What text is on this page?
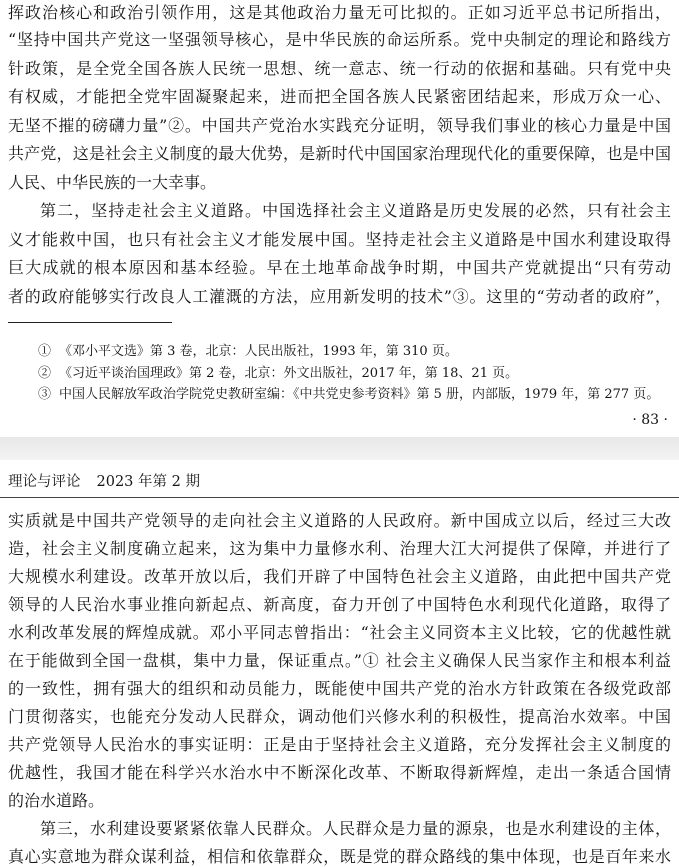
挥政治核心和政治引领作用，这是其他政治力量无可比拟的。正如习近平总书记所指出，
“坚持中国共产党这一坚强领导核心，是中华民族的命运所系。党中央制定的理论和路线方
针政策，是全党全国各族人民统一思想、统一意志、统一行动的依据和基础。只有党中央
有权威，才能把全党牢固凝聚起来，进而把全国各族人民紧密团结起来，形成万众一心、
无坚不摧的磅礴力量”②。中国共产党治水实践充分证明，领导我们事业的核心力量是中国
共产党，这是社会主义制度的最大优势，是新时代中国国家治理现代化的重要保障，也是中国
人民、中华民族的一大幸事。
第二，坚持走社会主义道路。中国选择社会主义道路是历史发展的必然，只有社会主
义才能救中国，也只有社会主义才能发展中国。坚持走社会主义道路是中国水利建设取得
巨大成就的根本原因和基本经验。早在土地革命战争时期，中国共产党就提出“只有劳动
者的政府能够实行改良人工灌溉的方法，应用新发明的技术”③。这里的“劳动者的政府”，
① 《邓小平文选》第 3 卷，北京：人民出版社，1993 年，第 310 页。
② 《习近平谈治国理政》第 2 卷，北京：外文出版社，2017 年，第 18、21 页。
③ 中国人民解放军政治学院党史教研室编：《中共党史参考资料》第 5 册，内部版，1979 年，第 277 页。
· 83 ·
理论与评论 2023 年第 2 期
实质就是中国共产党领导的走向社会主义道路的人民政府。新中国成立以后，经过三大改
造，社会主义制度确立起来，这为集中力量修水利、治理大江大河提供了保障，并进行了
大规模水利建设。改革开放以后，我们开辟了中国特色社会主义道路，由此把中国共产党
领导的人民治水事业推向新起点、新高度，奋力开创了中国特色水利现代化道路，取得了
水利改革发展的辉煌成就。邓小平同志曾指出：“社会主义同资本主义比较，它的优越性就
在于能做到全国一盘棋，集中力量，保证重点。”① 社会主义确保人民当家作主和根本利益
的一致性，拥有强大的组织和动员能力，既能使中国共产党的治水方针政策在各级党政部
门贯彻落实，也能充分发动人民群众，调动他们兴修水利的积极性，提高治水效率。中国
共产党领导人民治水的事实证明：正是由于坚持社会主义道路，充分发挥社会主义制度的
优越性，我国才能在科学兴水治水中不断深化改革、不断取得新辉煌，走出一条适合国情
的治水道路。
第三，水利建设要紧紧依靠人民群众。人民群众是力量的源泉，也是水利建设的主体，
真心实意地为群众谋利益，相信和依靠群众，既是党的群众路线的集中体现，也是百年来水
